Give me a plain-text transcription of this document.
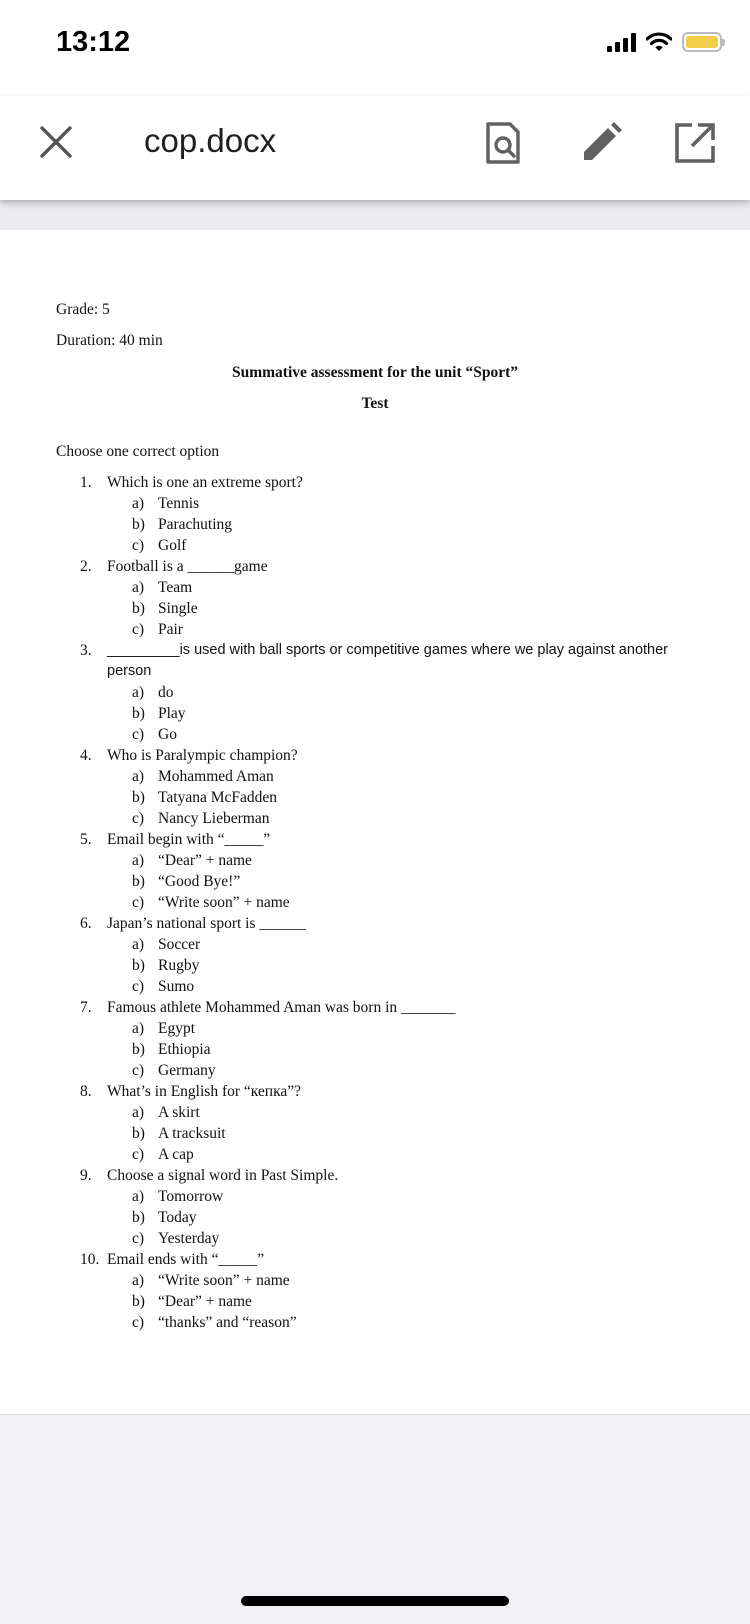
13:12
cop.docx
Grade: 5
Duration: 40 min
Summative assessment for the unit “Sport”
Test
Choose one correct option
1. Which is one an extreme sport?
a) Tennis
b) Parachuting
c) Golf
2. Football is a ______game
a) Team
b) Single
c) Pair
3.	_________is used with ball sports or competitive games where we play against another
person
a) do
b) Play
c) Go
4. Who is Paralympic champion?
a) Mohammed Aman
b) Tatyana McFadden
c) Nancy Lieberman
5. Email begin with “_____”
a) “Dear” + name
b) “Good Bye!”
c) “Write soon” + name
6. Japan’s national sport is ______
a) Soccer
b) Rugby
c) Sumo
7. Famous athlete Mohammed Aman was born in _______
a) Egypt
b) Ethiopia
c) Germany
8. What’s in English for “кепка”?
a) A skirt
b) A tracksuit
c) A cap
9. Choose a signal word in Past Simple.
a) Tomorrow
b) Today
c) Yesterday
10. Email ends with “_____”
a) “Write soon” + name
b) “Dear” + name
c) “thanks” and “reason”
